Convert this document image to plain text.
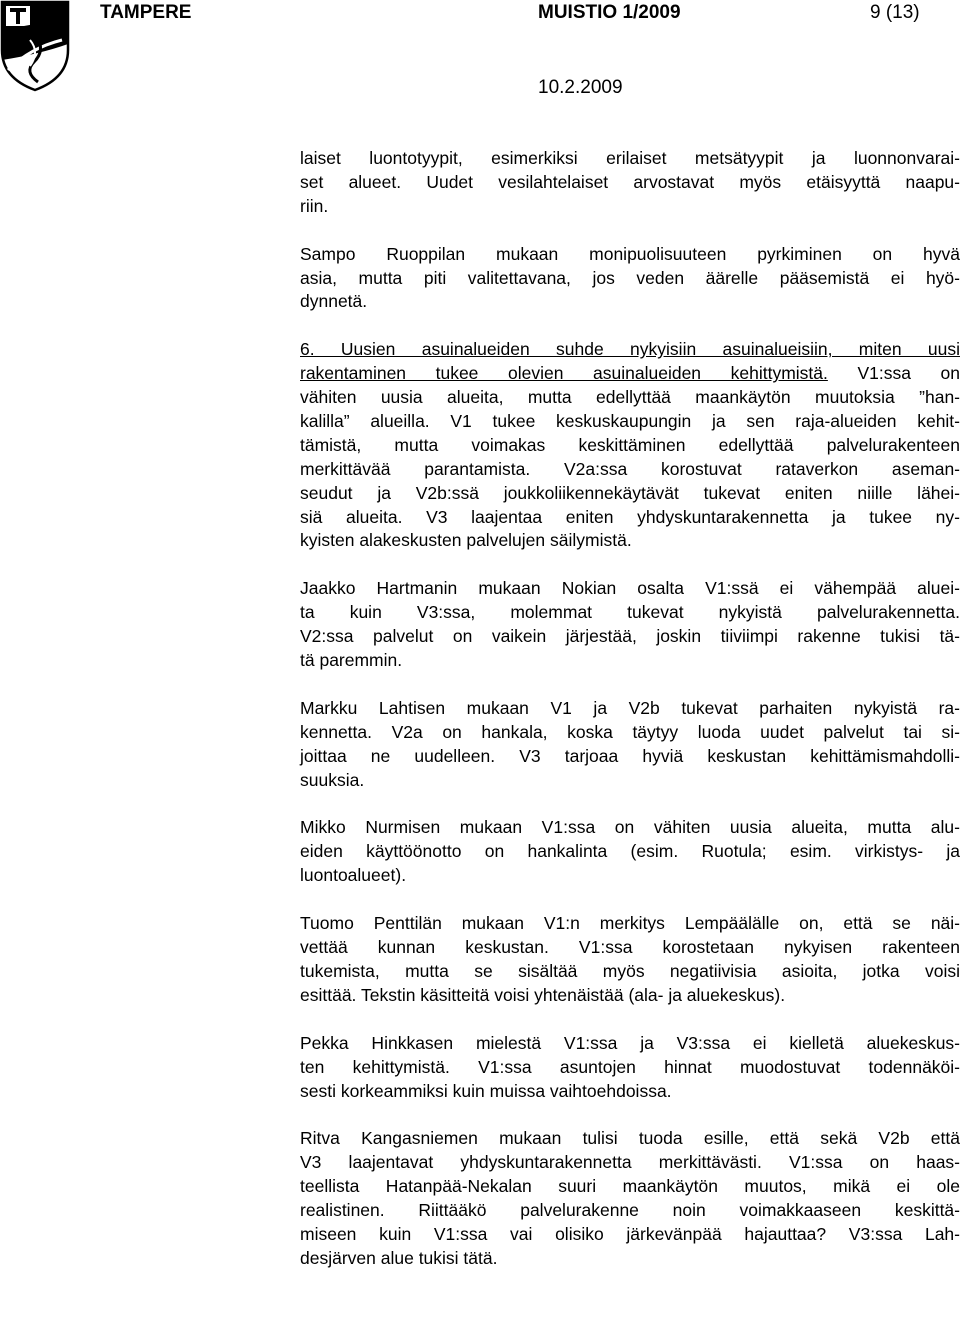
TAMPERE	MUISTIO 1/2009	9 (13)
10.2.2009
laiset luontotyypit, esimerkiksi erilaiset metsätyypit ja luonnonvarai-
set alueet. Uudet vesilahtelaiset arvostavat myös etäisyyttä naapu-
riin.
Sampo Ruoppilan mukaan monipuolisuuteen pyrkiminen on hyvä
asia, mutta piti valitettavana, jos veden äärelle pääsemistä ei hyö-
dynnetä.
6. Uusien asuinalueiden suhde nykyisiin asuinalueisiin, miten uusi
rakentaminen tukee olevien asuinalueiden kehittymistä. V1:ssa on
vähiten uusia alueita, mutta edellyttää maankäytön muutoksia ”han-
kalilla” alueilla. V1 tukee keskuskaupungin ja sen raja-alueiden kehit-
tämistä, mutta voimakas keskittäminen edellyttää palvelurakenteen
merkittävää parantamista. V2a:ssa korostuvat rataverkon aseman-
seudut ja V2b:ssä joukkoliikennekäytävät tukevat eniten niille lähei-
siä alueita. V3 laajentaa eniten yhdyskuntarakennetta ja tukee ny-
kyisten alakeskusten palvelujen säilymistä.
Jaakko Hartmanin mukaan Nokian osalta V1:ssä ei vähempää aluei-
ta kuin V3:ssa, molemmat tukevat nykyistä palvelurakennetta.
V2:ssa palvelut on vaikein järjestää, joskin tiiviimpi rakenne tukisi tä-
tä paremmin.
Markku Lahtisen mukaan V1 ja V2b tukevat parhaiten nykyistä ra-
kennetta. V2a on hankala, koska täytyy luoda uudet palvelut tai si-
joittaa ne uudelleen. V3 tarjoaa hyviä keskustan kehittämismahdolli-
suuksia.
Mikko Nurmisen mukaan V1:ssa on vähiten uusia alueita, mutta alu-
eiden käyttöönotto on hankalinta (esim. Ruotula; esim. virkistys- ja
luontoalueet).
Tuomo Penttilän mukaan V1:n merkitys Lempäälälle on, että se näi-
vettää kunnan keskustan. V1:ssa korostetaan nykyisen rakenteen
tukemista, mutta se sisältää myös negatiivisia asioita, jotka voisi
esittää. Tekstin käsitteitä voisi yhtenäistää (ala- ja aluekeskus).
Pekka Hinkkasen mielestä V1:ssa ja V3:ssa ei kielletä aluekeskus-
ten kehittymistä. V1:ssa asuntojen hinnat muodostuvat todennäköi-
sesti korkeammiksi kuin muissa vaihtoehdoissa.
Ritva Kangasniemen mukaan tulisi tuoda esille, että sekä V2b että
V3 laajentavat yhdyskuntarakennetta merkittävästi. V1:ssa on haas-
teellista Hatanpää-Nekalan suuri maankäytön muutos, mikä ei ole
realistinen. Riittääkö palvelurakenne noin voimakkaaseen keskittä-
miseen kuin V1:ssa vai olisiko järkevänpää hajauttaa? V3:ssa Lah-
desjärven alue tukisi tätä.
